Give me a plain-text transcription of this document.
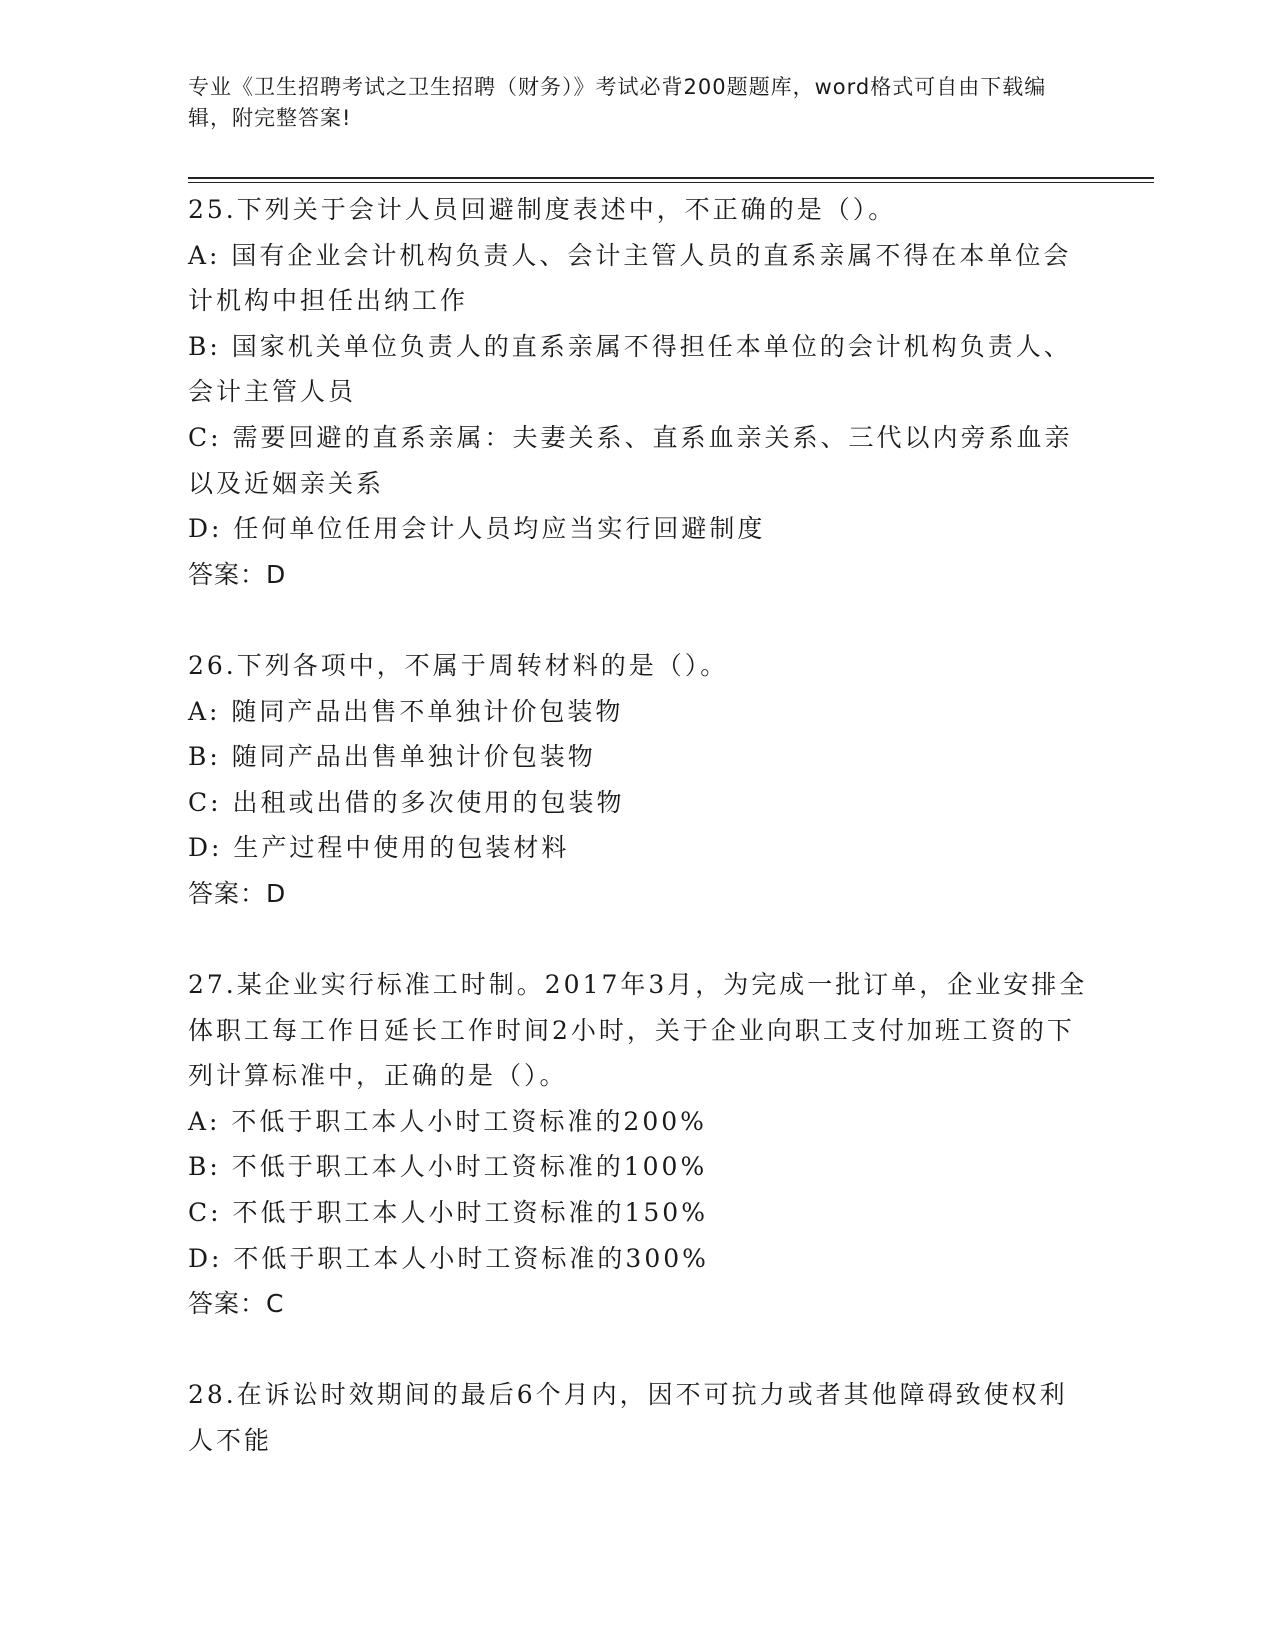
专业《卫生招聘考试之卫生招聘（财务）》考试必背200题题库，word格式可自由下载编辑，附完整答案!

25.下列关于会计人员回避制度表述中，不正确的是（）。

A: 国有企业会计机构负责人、会计主管人员的直系亲属不得在本单位会计机构中担任出纳工作

B: 国家机关单位负责人的直系亲属不得担任本单位的会计机构负责人、会计主管人员

C: 需要回避的直系亲属：夫妻关系、直系血亲关系、三代以内旁系血亲以及近姻亲关系

D: 任何单位任用会计人员均应当实行回避制度

答案：D

26.下列各项中，不属于周转材料的是（）。

A: 随同产品出售不单独计价包装物

B: 随同产品出售单独计价包装物

C: 出租或出借的多次使用的包装物

D: 生产过程中使用的包装材料

答案：D

27.某企业实行标准工时制。2017年3月，为完成一批订单，企业安排全体职工每工作日延长工作时间2小时，关于企业向职工支付加班工资的下列计算标准中，正确的是（）。

A: 不低于职工本人小时工资标准的200%

B: 不低于职工本人小时工资标准的100%

C: 不低于职工本人小时工资标准的150%

D: 不低于职工本人小时工资标准的300%

答案：C

28.在诉讼时效期间的最后6个月内，因不可抗力或者其他障碍致使权利人不能
